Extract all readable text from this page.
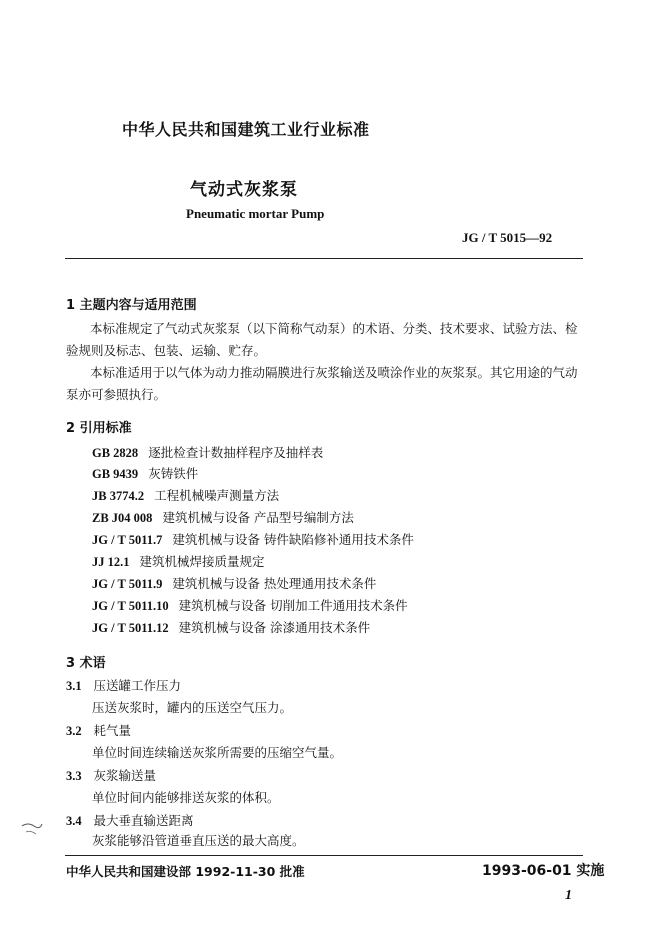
中华人民共和国建筑工业行业标准
气动式灰浆泵
Pneumatic mortar Pump
JG / T 5015—92
1 主题内容与适用范围
本标准规定了气动式灰浆泵（以下简称气动泵）的术语、分类、技术要求、试验方法、检验规则及标志、包装、运输、贮存。
本标准适用于以气体为动力推动隔膜进行灰浆输送及喷涂作业的灰浆泵。其它用途的气动泵亦可参照执行。
2 引用标准
GB 2828 逐批检查计数抽样程序及抽样表
GB 9439 灰铸铁件
JB 3774.2 工程机械噪声测量方法
ZB J04 008 建筑机械与设备 产品型号编制方法
JG / T 5011.7 建筑机械与设备 铸件缺陷修补通用技术条件
JJ 12.1 建筑机械焊接质量规定
JG / T 5011.9 建筑机械与设备 热处理通用技术条件
JG / T 5011.10 建筑机械与设备 切削加工件通用技术条件
JG / T 5011.12 建筑机械与设备 涂漆通用技术条件
3 术语
3.1 压送罐工作压力
压送灰浆时，罐内的压送空气压力。
3.2 耗气量
单位时间连续输送灰浆所需要的压缩空气量。
3.3 灰浆输送量
单位时间内能够排送灰浆的体积。
3.4 最大垂直输送距离
灰浆能够沿管道垂直压送的最大高度。
中华人民共和国建设部 1992-11-30 批准	1993-06-01 实施
1
